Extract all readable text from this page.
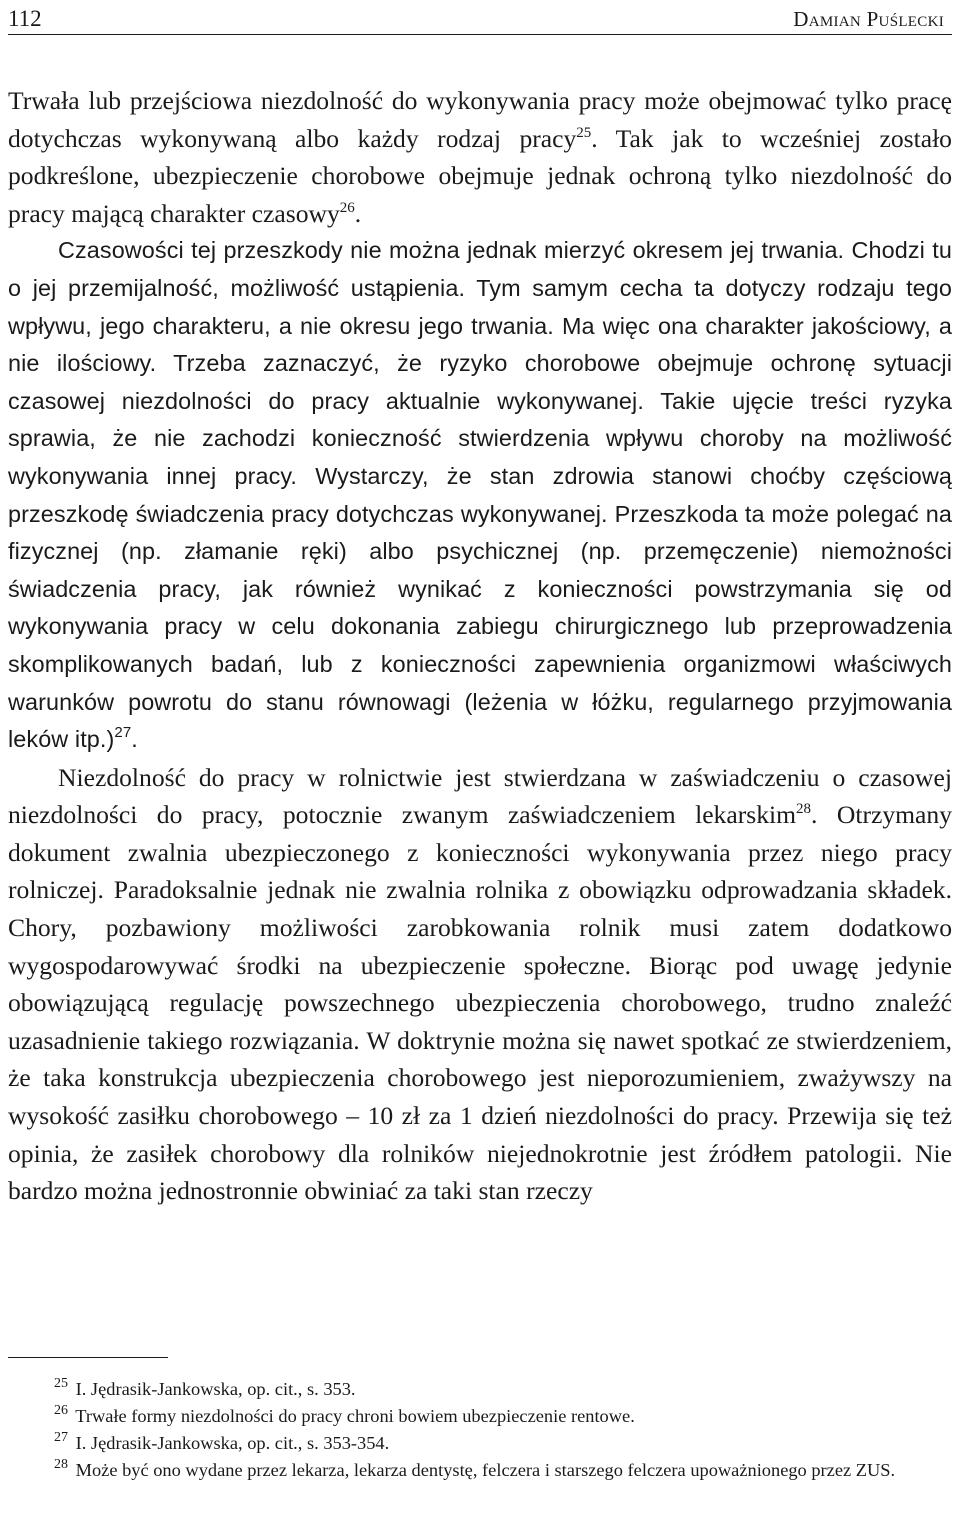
112	Damian Puślecki

Trwała lub przejściowa niezdolność do wykonywania pracy może obejmować tylko pracę dotychczas wykonywaną albo każdy rodzaj pracy$^{25}$. Tak jak to wcześniej zostało podkreślone, ubezpieczenie chorobowe obejmuje jednak ochroną tylko niezdolność do pracy mającą charakter czasowy$^{26}$.

Czasowości tej przeszkody nie można jednak mierzyć okresem jej trwania. Chodzi tu o jej przemijalność, możliwość ustąpienia. Tym samym cecha ta dotyczy rodzaju tego wpływu, jego charakteru, a nie okresu jego trwania. Ma więc ona charakter jakościowy, a nie ilościowy. Trzeba zaznaczyć, że ryzyko chorobowe obejmuje ochronę sytuacji czasowej niezdolności do pracy aktualnie wykonywanej. Takie ujęcie treści ryzyka sprawia, że nie zachodzi konieczność stwierdzenia wpływu choroby na możliwość wykonywania innej pracy. Wystarczy, że stan zdrowia stanowi choćby częściową przeszkodę świadczenia pracy dotychczas wykonywanej. Przeszkoda ta może polegać na fizycznej (np. złamanie ręki) albo psychicznej (np. przemęczenie) niemożności świadczenia pracy, jak również wynikać z konieczności powstrzymania się od wykonywania pracy w celu dokonania zabiegu chirurgicznego lub przeprowadzenia skomplikowanych badań, lub z konieczności zapewnienia organizmowi właściwych warunków powrotu do stanu równowagi (leżenia w łóżku, regularnego przyjmowania leków itp.)$^{27}$.

Niezdolność do pracy w rolnictwie jest stwierdzana w zaświadczeniu o czasowej niezdolności do pracy, potocznie zwanym zaświadczeniem lekarskim$^{28}$. Otrzymany dokument zwalnia ubezpieczonego z konieczności wykonywania przez niego pracy rolniczej. Paradoksalnie jednak nie zwalnia rolnika z obowiązku odprowadzania składek. Chory, pozbawiony możliwości zarobkowania rolnik musi zatem dodatkowo wygospodarowywać środki na ubezpieczenie społeczne. Biorąc pod uwagę jedynie obowiązującą regulację powszechnego ubezpieczenia chorobowego, trudno znaleźć uzasadnienie takiego rozwiązania. W doktrynie można się nawet spotkać ze stwierdzeniem, że taka konstrukcja ubezpieczenia chorobowego jest nieporozumieniem, zważywszy na wysokość zasiłku chorobowego – 10 zł za 1 dzień niezdolności do pracy. Przewija się też opinia, że zasiłek chorobowy dla rolników niejednokrotnie jest źródłem patologii. Nie bardzo można jednostronnie obwiniać za taki stan rzeczy

$^{25}$ I. Jędrasik-Jankowska, op. cit., s. 353.

$^{26}$ Trwałe formy niezdolności do pracy chroni bowiem ubezpieczenie rentowe.

$^{27}$ I. Jędrasik-Jankowska, op. cit., s. 353-354.

$^{28}$ Może być ono wydane przez lekarza, lekarza dentystę, felczera i starszego felczera upoważnionego przez ZUS.
